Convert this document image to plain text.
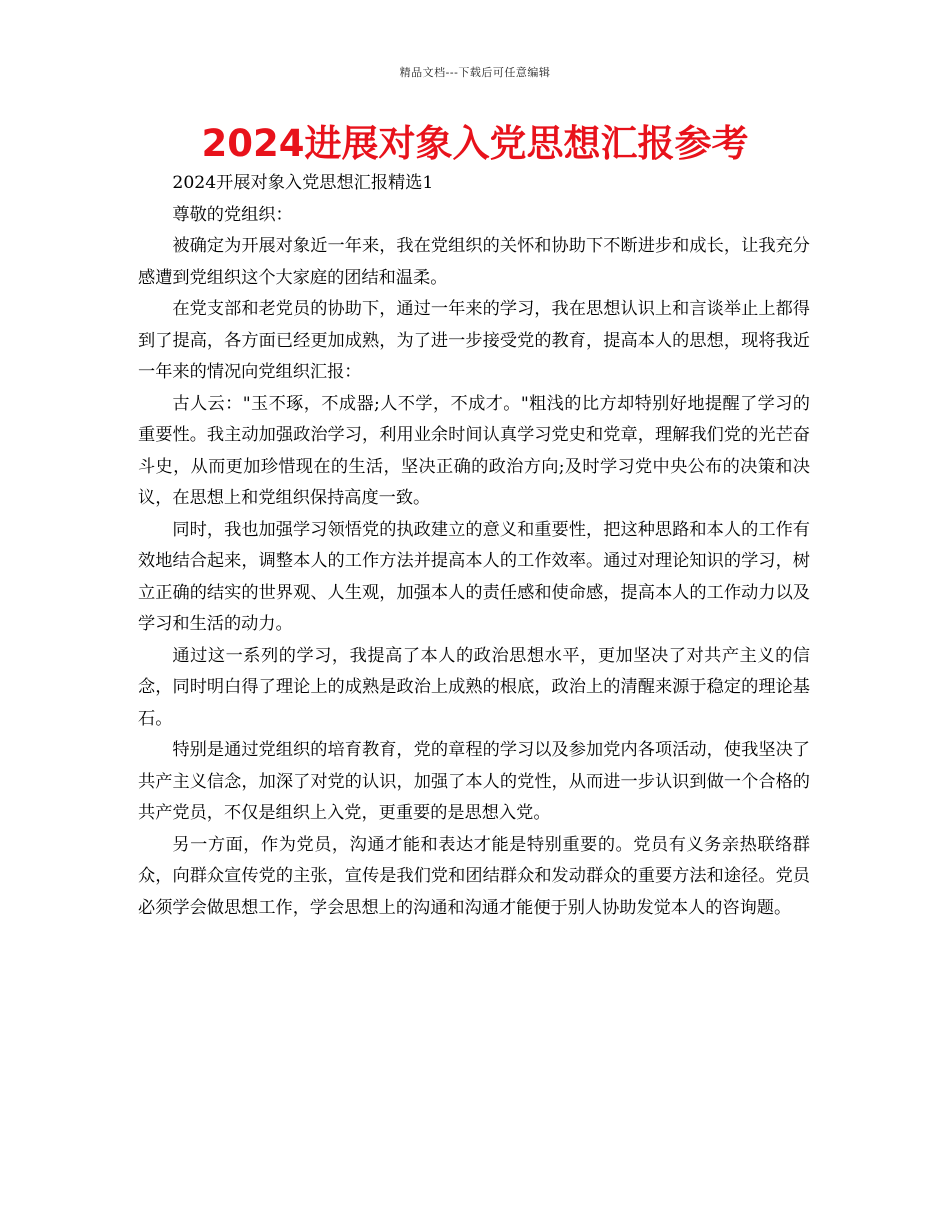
精品文档---下载后可任意编辑
2024进展对象入党思想汇报参考

2024开展对象入党思想汇报精选1

尊敬的党组织：

被确定为开展对象近一年来，我在党组织的关怀和协助下不断进步和成长，让我充分感遭到党组织这个大家庭的团结和温柔。

在党支部和老党员的协助下，通过一年来的学习，我在思想认识上和言谈举止上都得到了提高，各方面已经更加成熟，为了进一步接受党的教育，提高本人的思想，现将我近一年来的情况向党组织汇报：

古人云："玉不琢，不成器;人不学，不成才。"粗浅的比方却特别好地提醒了学习的重要性。我主动加强政治学习，利用业余时间认真学习党史和党章，理解我们党的光芒奋斗史，从而更加珍惜现在的生活，坚决正确的政治方向;及时学习党中央公布的决策和决议，在思想上和党组织保持高度一致。

同时，我也加强学习领悟党的执政建立的意义和重要性，把这种思路和本人的工作有效地结合起来，调整本人的工作方法并提高本人的工作效率。通过对理论知识的学习，树立正确的结实的世界观、人生观，加强本人的责任感和使命感，提高本人的工作动力以及学习和生活的动力。

通过这一系列的学习，我提高了本人的政治思想水平，更加坚决了对共产主义的信念，同时明白得了理论上的成熟是政治上成熟的根底，政治上的清醒来源于稳定的理论基石。

特别是通过党组织的培育教育，党的章程的学习以及参加党内各项活动，使我坚决了共产主义信念，加深了对党的认识，加强了本人的党性，从而进一步认识到做一个合格的共产党员，不仅是组织上入党，更重要的是思想入党。

另一方面，作为党员，沟通才能和表达才能是特别重要的。党员有义务亲热联络群众，向群众宣传党的主张，宣传是我们党和团结群众和发动群众的重要方法和途径。党员必须学会做思想工作，学会思想上的沟通和沟通才能便于别人协助发觉本人的咨询题。
